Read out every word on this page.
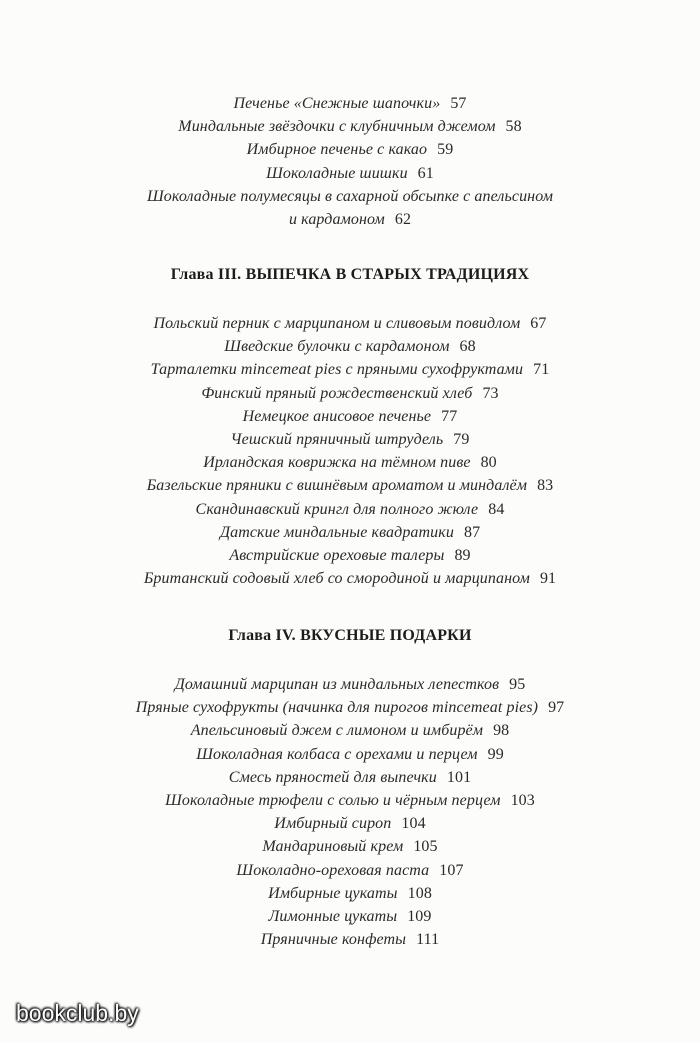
Печенье «Снежные шапочки» 57
Миндальные звёздочки с клубничным джемом 58
Имбирное печенье с какао 59
Шоколадные шишки 61
Шоколадные полумесяцы в сахарной обсыпке с апельсином
и кардамоном 62
Глава III. ВЫПЕЧКА В СТАРЫХ ТРАДИЦИЯХ
Польский перник с марципаном и сливовым повидлом 67
Шведские булочки с кардамоном 68
Тарталетки mincemeat pies с пряными сухофруктами 71
Финский пряный рождественский хлеб 73
Немецкое анисовое печенье 77
Чешский пряничный штрудель 79
Ирландская коврижка на тёмном пиве 80
Базельские пряники с вишнёвым ароматом и миндалём 83
Скандинавский крингл для полного жюле 84
Датские миндальные квадратики 87
Австрийские ореховые талеры 89
Британский содовый хлеб со смородиной и марципаном 91
Глава IV. ВКУСНЫЕ ПОДАРКИ
Домашний марципан из миндальных лепестков 95
Пряные сухофрукты (начинка для пирогов mincemeat pies) 97
Апельсиновый джем с лимоном и имбирём 98
Шоколадная колбаса с орехами и перцем 99
Смесь пряностей для выпечки 101
Шоколадные трюфели с солью и чёрным перцем 103
Имбирный сироп 104
Мандариновый крем 105
Шоколадно-ореховая паста 107
Имбирные цукаты 108
Лимонные цукаты 109
Пряничные конфеты 111
bookclub.by
